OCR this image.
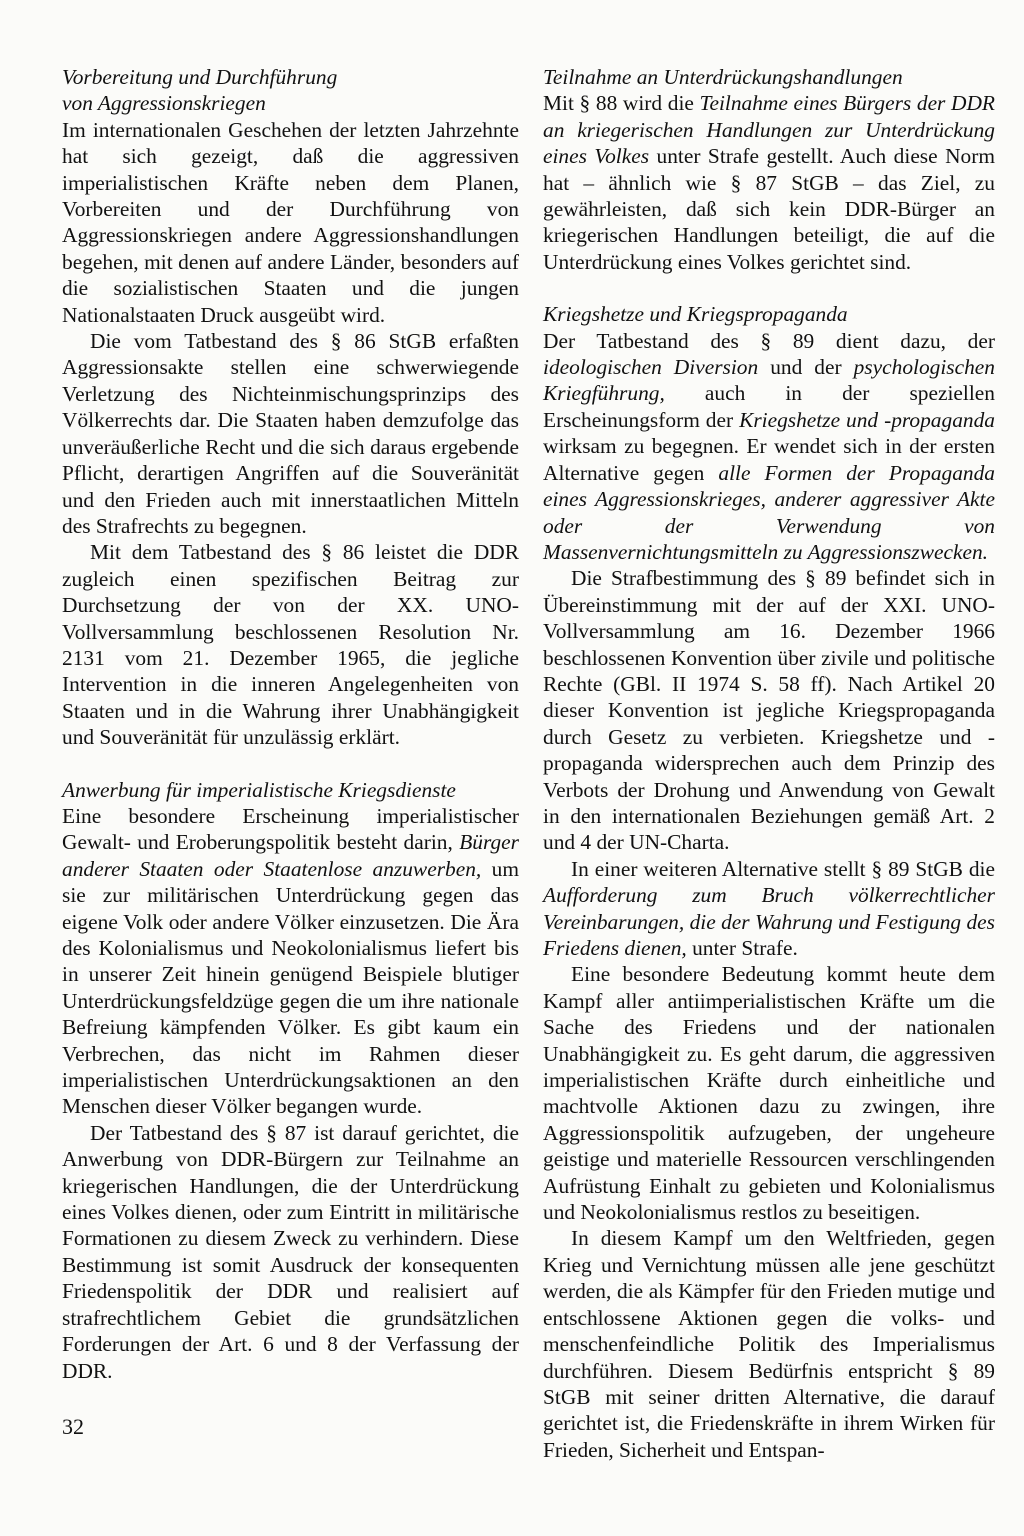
Vorbereitung und Durchführung
von Aggressionskriegen

Im internationalen Geschehen der letzten Jahrzehnte hat sich gezeigt, daß die aggressiven imperialistischen Kräfte neben dem Planen, Vorbereiten und der Durchführung von Aggressionskriegen andere Aggressionshandlungen begehen, mit denen auf andere Länder, besonders auf die sozialistischen Staaten und die jungen Nationalstaaten Druck ausgeübt wird.

Die vom Tatbestand des § 86 StGB erfaßten Aggressionsakte stellen eine schwerwiegende Verletzung des Nichteinmischungsprinzips des Völkerrechts dar. Die Staaten haben demzufolge das unveräußerliche Recht und die sich daraus ergebende Pflicht, derartigen Angriffen auf die Souveränität und den Frieden auch mit innerstaatlichen Mitteln des Strafrechts zu begegnen.

Mit dem Tatbestand des § 86 leistet die DDR zugleich einen spezifischen Beitrag zur Durchsetzung der von der XX. UNO-Vollversammlung beschlossenen Resolution Nr. 2131 vom 21. Dezember 1965, die jegliche Intervention in die inneren Angelegenheiten von Staaten und in die Wahrung ihrer Unabhängigkeit und Souveränität für unzulässig erklärt.

Anwerbung für imperialistische Kriegsdienste

Eine besondere Erscheinung imperialistischer Gewalt- und Eroberungspolitik besteht darin, Bürger anderer Staaten oder Staatenlose anzuwerben, um sie zur militärischen Unterdrückung gegen das eigene Volk oder andere Völker einzusetzen. Die Ära des Kolonialismus und Neokolonialismus liefert bis in unserer Zeit hinein genügend Beispiele blutiger Unterdrückungsfeldzüge gegen die um ihre nationale Befreiung kämpfenden Völker. Es gibt kaum ein Verbrechen, das nicht im Rahmen dieser imperialistischen Unterdrückungsaktionen an den Menschen dieser Völker begangen wurde.

Der Tatbestand des § 87 ist darauf gerichtet, die Anwerbung von DDR-Bürgern zur Teilnahme an kriegerischen Handlungen, die der Unterdrückung eines Volkes dienen, oder zum Eintritt in militärische Formationen zu diesem Zweck zu verhindern. Diese Bestimmung ist somit Ausdruck der konsequenten Friedenspolitik der DDR und realisiert auf strafrechtlichem Gebiet die grundsätzlichen Forderungen der Art. 6 und 8 der Verfassung der DDR.

Teilnahme an Unterdrückungshandlungen

Mit § 88 wird die Teilnahme eines Bürgers der DDR an kriegerischen Handlungen zur Unterdrückung eines Volkes unter Strafe gestellt. Auch diese Norm hat – ähnlich wie § 87 StGB – das Ziel, zu gewährleisten, daß sich kein DDR-Bürger an kriegerischen Handlungen beteiligt, die auf die Unterdrückung eines Volkes gerichtet sind.

Kriegshetze und Kriegspropaganda

Der Tatbestand des § 89 dient dazu, der ideologischen Diversion und der psychologischen Kriegführung, auch in der speziellen Erscheinungsform der Kriegshetze und -propaganda wirksam zu begegnen. Er wendet sich in der ersten Alternative gegen alle Formen der Propaganda eines Aggressionskrieges, anderer aggressiver Akte oder der Verwendung von Massenvernichtungsmitteln zu Aggressionszwecken.

Die Strafbestimmung des § 89 befindet sich in Übereinstimmung mit der auf der XXI. UNO-Vollversammlung am 16. Dezember 1966 beschlossenen Konvention über zivile und politische Rechte (GBl. II 1974 S. 58 ff). Nach Artikel 20 dieser Konvention ist jegliche Kriegspropaganda durch Gesetz zu verbieten. Kriegshetze und -propaganda widersprechen auch dem Prinzip des Verbots der Drohung und Anwendung von Gewalt in den internationalen Beziehungen gemäß Art. 2 und 4 der UN-Charta.

In einer weiteren Alternative stellt § 89 StGB die Aufforderung zum Bruch völkerrechtlicher Vereinbarungen, die der Wahrung und Festigung des Friedens dienen, unter Strafe.

Eine besondere Bedeutung kommt heute dem Kampf aller antiimperialistischen Kräfte um die Sache des Friedens und der nationalen Unabhängigkeit zu. Es geht darum, die aggressiven imperialistischen Kräfte durch einheitliche und machtvolle Aktionen dazu zu zwingen, ihre Aggressionspolitik aufzugeben, der ungeheure geistige und materielle Ressourcen verschlingenden Aufrüstung Einhalt zu gebieten und Kolonialismus und Neokolonialismus restlos zu beseitigen.

In diesem Kampf um den Weltfrieden, gegen Krieg und Vernichtung müssen alle jene geschützt werden, die als Kämpfer für den Frieden mutige und entschlossene Aktionen gegen die volks- und menschenfeindliche Politik des Imperialismus durchführen. Diesem Bedürfnis entspricht § 89 StGB mit seiner dritten Alternative, die darauf gerichtet ist, die Friedenskräfte in ihrem Wirken für Frieden, Sicherheit und Entspan-

32
